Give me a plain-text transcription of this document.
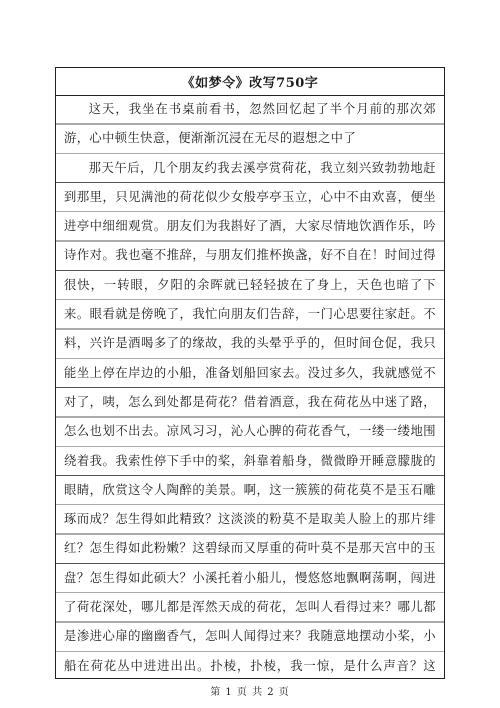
《如梦令》改写750字

这天，我坐在书桌前看书，忽然回忆起了半个月前的那次郊游，心中顿生快意，便渐渐沉浸在无尽的遐想之中了

那天午后，几个朋友约我去溪亭赏荷花，我立刻兴致勃勃地赶到那里，只见满池的荷花似少女般亭亭玉立，心中不由欢喜，便坐进亭中细细观赏。朋友们为我斟好了酒，大家尽情地饮酒作乐，吟诗作对。我也毫不推辞，与朋友们推杯换盏，好不自在！时间过得很快，一转眼，夕阳的余晖就已轻轻披在了身上，天色也暗了下来。眼看就是傍晚了，我忙向朋友们告辞，一门心思要往家赶。不料，兴许是酒喝多了的缘故，我的头晕乎乎的，但时间仓促，我只能坐上停在岸边的小船，准备划船回家去。没过多久，我就感觉不对了，咦，怎么到处都是荷花？借着酒意，我在荷花丛中迷了路，怎么也划不出去。凉风习习，沁人心脾的荷花香气，一缕一缕地围绕着我。我索性停下手中的桨，斜靠着船身，微微睁开睡意朦胧的眼睛，欣赏这令人陶醉的美景。啊，这一簇簇的荷花莫不是玉石雕琢而成？怎生得如此精致？这淡淡的粉莫不是取美人脸上的那片绯红？怎生得如此粉嫩？这碧绿而又厚重的荷叶莫不是那天宫中的玉盘？怎生得如此硕大？小溪托着小船儿，慢悠悠地飘啊荡啊，闯进了荷花深处，哪儿都是浑然天成的荷花，怎叫人看得过来？哪儿都是渗进心扉的幽幽香气，怎叫人闻得过来？我随意地摆动小桨，小船在荷花丛中进进出出。扑棱，扑棱，我一惊，是什么声音？这

第 1 页 共 2 页
